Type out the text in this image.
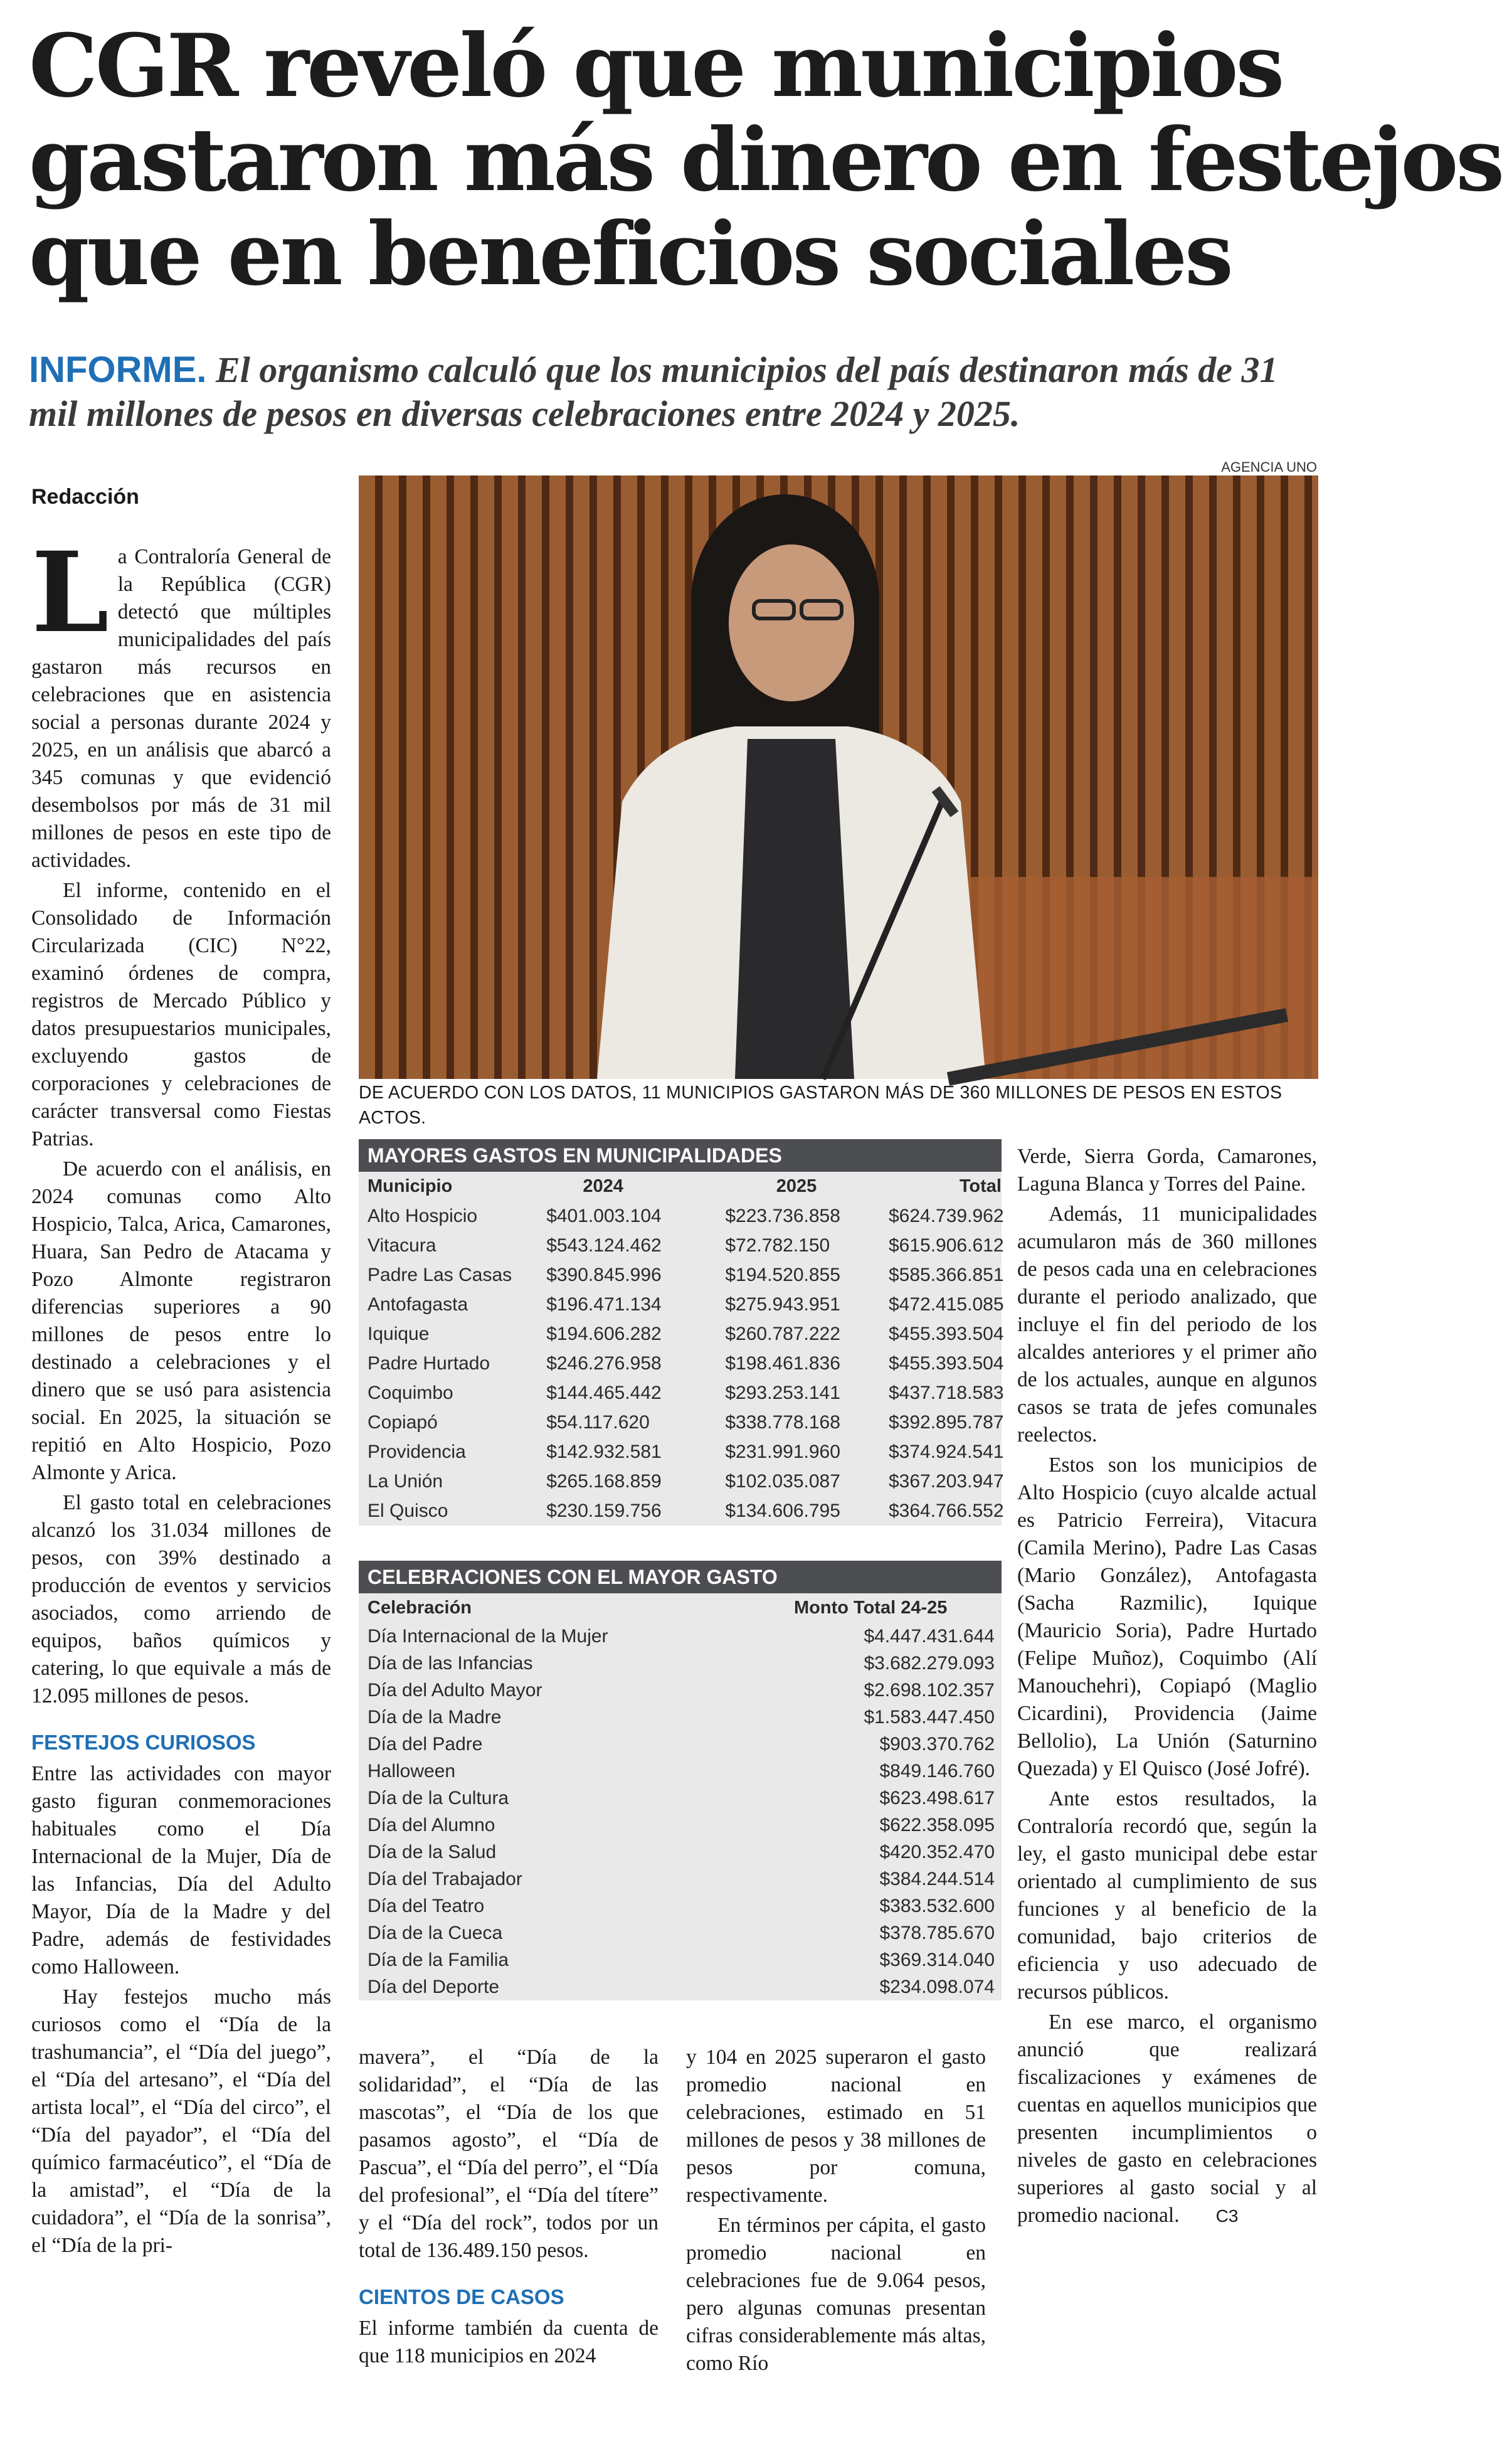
CGR reveló que municipios
gastaron más dinero en festejos
que en beneficios sociales
INFORME. El organismo calculó que los municipios del país destinaron más de 31 mil millones de pesos en diversas celebraciones entre 2024 y 2025.
AGENCIA UNO
DE ACUERDO CON LOS DATOS, 11 MUNICIPIOS GASTARON MÁS DE 360 MILLONES DE PESOS EN ESTOS ACTOS.
Redacción

La Contraloría General de la República (CGR) detectó que múltiples municipalidades del país gastaron más recursos en celebraciones que en asistencia social a personas durante 2024 y 2025, en un análisis que abarcó a 345 comunas y que evidenció desembolsos por más de 31 mil millones de pesos en este tipo de actividades.

El informe, contenido en el Consolidado de Información Circularizada (CIC) N°22, examinó órdenes de compra, registros de Mercado Público y datos presupuestarios municipales, excluyendo gastos de corporaciones y celebraciones de carácter transversal como Fiestas Patrias.

De acuerdo con el análisis, en 2024 comunas como Alto Hospicio, Talca, Arica, Camarones, Huara, San Pedro de Atacama y Pozo Almonte registraron diferencias superiores a 90 millones de pesos entre lo destinado a celebraciones y el dinero que se usó para asistencia social. En 2025, la situación se repitió en Alto Hospicio, Pozo Almonte y Arica.

El gasto total en celebraciones alcanzó los 31.034 millones de pesos, con 39% destinado a producción de eventos y servicios asociados, como arriendo de equipos, baños químicos y catering, lo que equivale a más de 12.095 millones de pesos.

FESTEJOS CURIOSOS

Entre las actividades con mayor gasto figuran conmemoraciones habituales como el Día Internacional de la Mujer, Día de las Infancias, Día del Adulto Mayor, Día de la Madre y del Padre, además de festividades como Halloween.

Hay festejos mucho más curiosos como el “Día de la trashumancia”, el “Día del juego”, el “Día del artesano”, el “Día del artista local”, el “Día del circo”, el “Día del payador”, el “Día del químico farmacéutico”, el “Día de la amistad”, el “Día de la cuidadora”, el “Día de la sonrisa”, el “Día de la pri-

MAYORES GASTOS EN MUNICIPALIDADES
Municipio	2024	2025	Total
Alto Hospicio	$401.003.104	$223.736.858	$624.739.962
Vitacura	$543.124.462	$72.782.150	$615.906.612
Padre Las Casas	$390.845.996	$194.520.855	$585.366.851
Antofagasta	$196.471.134	$275.943.951	$472.415.085
Iquique	$194.606.282	$260.787.222	$455.393.504
Padre Hurtado	$246.276.958	$198.461.836	$455.393.504
Coquimbo	$144.465.442	$293.253.141	$437.718.583
Copiapó	$54.117.620	$338.778.168	$392.895.787
Providencia	$142.932.581	$231.991.960	$374.924.541
La Unión	$265.168.859	$102.035.087	$367.203.947
El Quisco	$230.159.756	$134.606.795	$364.766.552
CELEBRACIONES CON EL MAYOR GASTO
Celebración	Monto Total 24-25
Día Internacional de la Mujer	$4.447.431.644
Día de las Infancias	$3.682.279.093
Día del Adulto Mayor	$2.698.102.357
Día de la Madre	$1.583.447.450
Día del Padre	$903.370.762
Halloween	$849.146.760
Día de la Cultura	$623.498.617
Día del Alumno	$622.358.095
Día de la Salud	$420.352.470
Día del Trabajador	$384.244.514
Día del Teatro	$383.532.600
Día de la Cueca	$378.785.670
Día de la Familia	$369.314.040
Día del Deporte	$234.098.074

mavera”, el “Día de la solidaridad”, el “Día de las mascotas”, el “Día de los que pasamos agosto”, el “Día de Pascua”, el “Día del perro”, el “Día del profesional”, el “Día del títere” y el “Día del rock”, todos por un total de 136.489.150 pesos.

CIENTOS DE CASOS

El informe también da cuenta de que 118 municipios en 2024

y 104 en 2025 superaron el gasto promedio nacional en celebraciones, estimado en 51 millones de pesos y 38 millones de pesos por comuna, respectivamente.

En términos per cápita, el gasto promedio nacional en celebraciones fue de 9.064 pesos, pero algunas comunas presentan cifras considerablemente más altas, como Río

Verde, Sierra Gorda, Camarones, Laguna Blanca y Torres del Paine.

Además, 11 municipalidades acumularon más de 360 millones de pesos cada una en celebraciones durante el periodo analizado, que incluye el fin del periodo de los alcaldes anteriores y el primer año de los actuales, aunque en algunos casos se trata de jefes comunales reelectos.

Estos son los municipios de Alto Hospicio (cuyo alcalde actual es Patricio Ferreira), Vitacura (Camila Merino), Padre Las Casas (Mario González), Antofagasta (Sacha Razmilic), Iquique (Mauricio Soria), Padre Hurtado (Felipe Muñoz), Coquimbo (Alí Manouchehri), Copiapó (Maglio Cicardini), Providencia (Jaime Bellolio), La Unión (Saturnino Quezada) y El Quisco (José Jofré).

Ante estos resultados, la Contraloría recordó que, según la ley, el gasto municipal debe estar orientado al cumplimiento de sus funciones y al beneficio de la comunidad, bajo criterios de eficiencia y uso adecuado de recursos públicos.

En ese marco, el organismo anunció que realizará fiscalizaciones y exámenes de cuentas en aquellos municipios que presenten incumplimientos o niveles de gasto en celebraciones superiores al gasto social y al promedio nacional. C3
